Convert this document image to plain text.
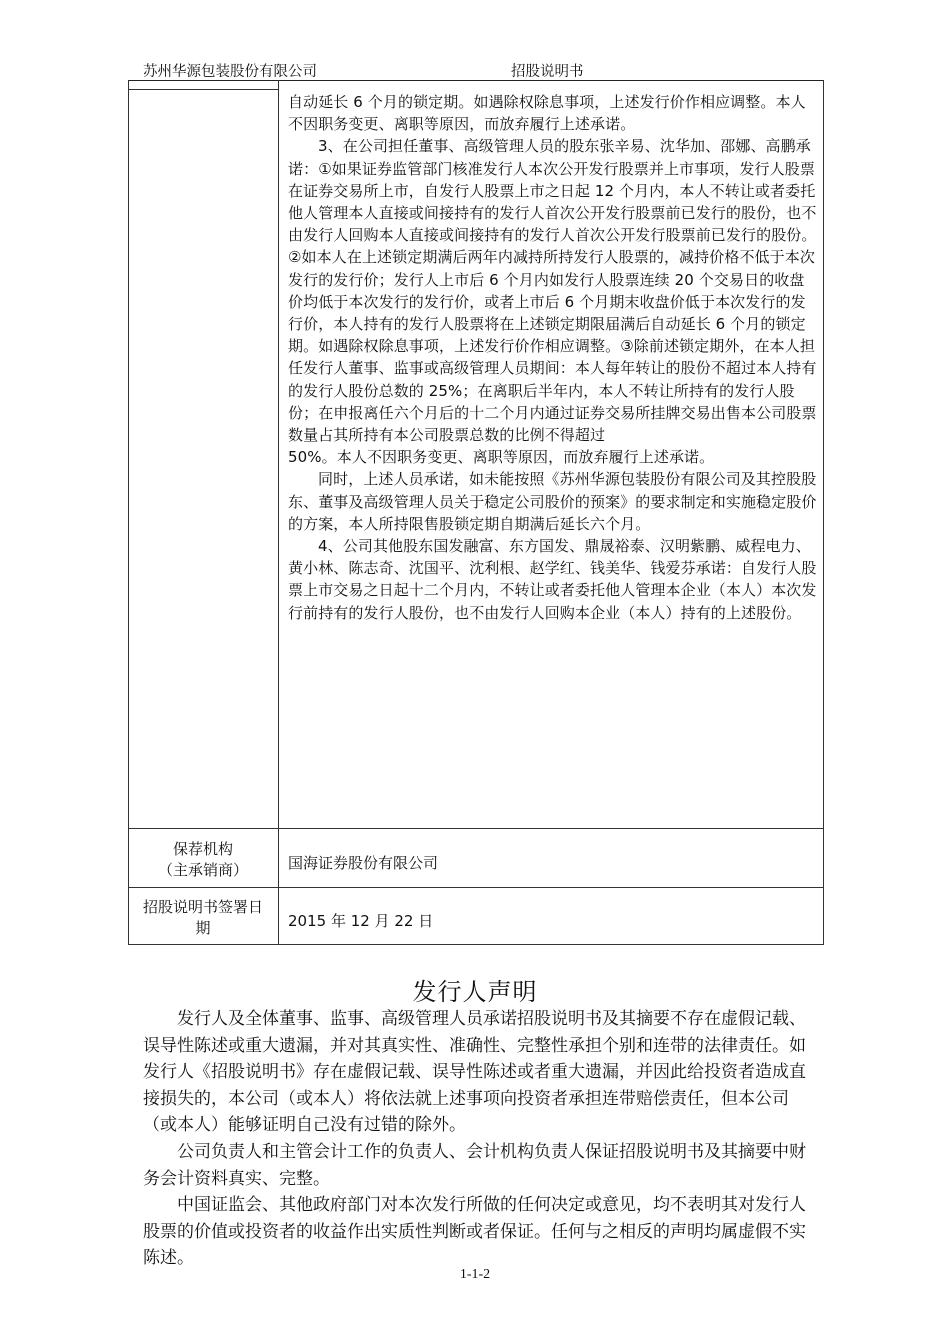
苏州华源包装股份有限公司	招股说明书

自动延长 6 个月的锁定期。如遇除权除息事项，上述发行价作相应调整。本人不因职务变更、离职等原因，而放弃履行上述承诺。

3、在公司担任董事、高级管理人员的股东张辛易、沈华加、邵娜、高鹏承诺：①如果证券监管部门核准发行人本次公开发行股票并上市事项，发行人股票在证券交易所上市，自发行人股票上市之日起 12 个月内，本人不转让或者委托他人管理本人直接或间接持有的发行人首次公开发行股票前已发行的股份，也不由发行人回购本人直接或间接持有的发行人首次公开发行股票前已发行的股份。②如本人在上述锁定期满后两年内减持所持发行人股票的，减持价格不低于本次发行的发行价；发行人上市后 6 个月内如发行人股票连续 20 个交易日的收盘价均低于本次发行的发行价，或者上市后 6 个月期末收盘价低于本次发行的发行价，本人持有的发行人股票将在上述锁定期限届满后自动延长 6 个月的锁定期。如遇除权除息事项，上述发行价作相应调整。③除前述锁定期外，在本人担任发行人董事、监事或高级管理人员期间：本人每年转让的股份不超过本人持有的发行人股份总数的 25%；在离职后半年内，本人不转让所持有的发行人股份；在申报离任六个月后的十二个月内通过证券交易所挂牌交易出售本公司股票数量占其所持有本公司股票总数的比例不得超过

50%。本人不因职务变更、离职等原因，而放弃履行上述承诺。

同时，上述人员承诺，如未能按照《苏州华源包装股份有限公司及其控股股东、董事及高级管理人员关于稳定公司股价的预案》的要求制定和实施稳定股价的方案，本人所持限售股锁定期自期满后延长六个月。

4、公司其他股东国发融富、东方国发、鼎晟裕泰、汉明紫鹏、威程电力、黄小林、陈志奇、沈国平、沈利根、赵学红、钱美华、钱爱芬承诺：自发行人股票上市交易之日起十二个月内，不转让或者委托他人管理本企业（本人）本次发行前持有的发行人股份，也不由发行人回购本企业（本人）持有的上述股份。

保荐机构
（主承销商）	国海证券股份有限公司
招股说明书签署日
期	2015 年 12 月 22 日
发行人声明

发行人及全体董事、监事、高级管理人员承诺招股说明书及其摘要不存在虚假记载、误导性陈述或重大遗漏，并对其真实性、准确性、完整性承担个别和连带的法律责任。如发行人《招股说明书》存在虚假记载、误导性陈述或者重大遗漏，并因此给投资者造成直接损失的，本公司（或本人）将依法就上述事项向投资者承担连带赔偿责任，但本公司（或本人）能够证明自己没有过错的除外。

公司负责人和主管会计工作的负责人、会计机构负责人保证招股说明书及其摘要中财务会计资料真实、完整。

中国证监会、其他政府部门对本次发行所做的任何决定或意见，均不表明其对发行人股票的价值或投资者的收益作出实质性判断或者保证。任何与之相反的声明均属虚假不实陈述。

1-1-2
